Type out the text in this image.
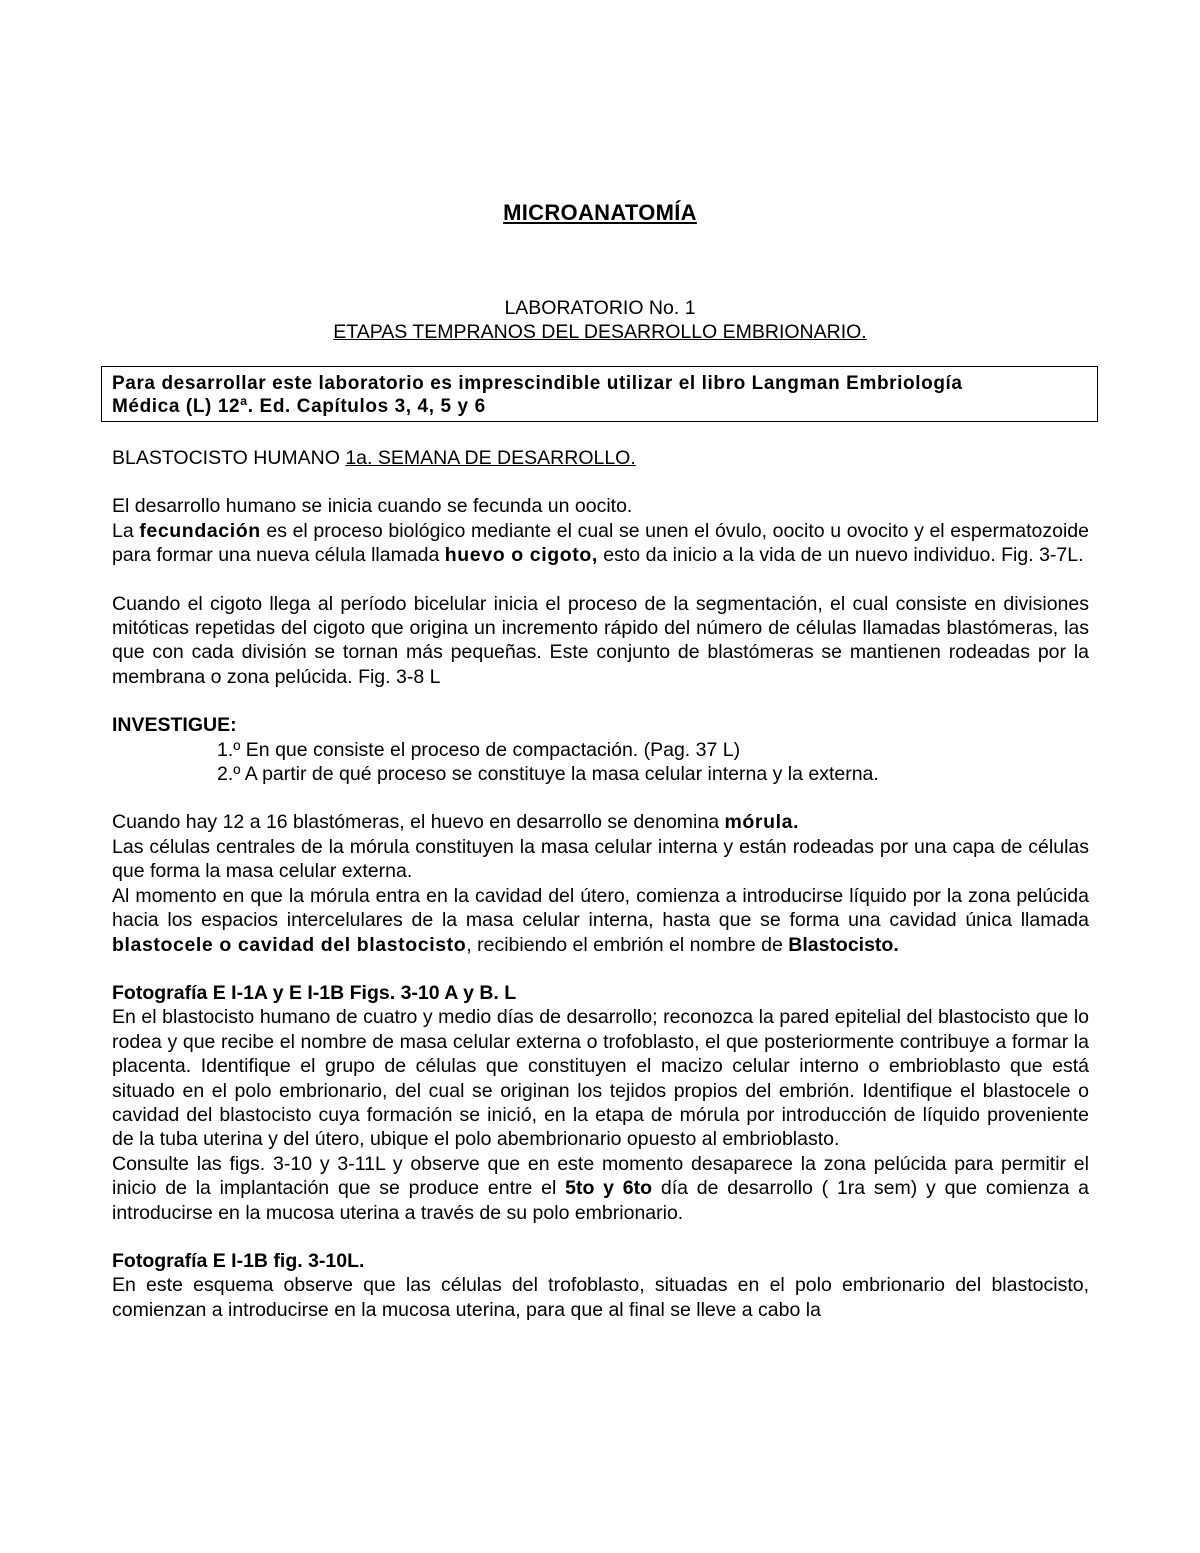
MICROANATOMÍA
LABORATORIO No. 1
ETAPAS TEMPRANOS DEL DESARROLLO EMBRIONARIO.
Para desarrollar este laboratorio es imprescindible utilizar el libro Langman Embriología
Médica (L) 12ª. Ed. Capítulos 3, 4, 5 y 6

BLASTOCISTO HUMANO 1a. SEMANA DE DESARROLLO.

El desarrollo humano se inicia cuando se fecunda un oocito.

La fecundación es el proceso biológico mediante el cual se unen el óvulo, oocito u ovocito y el espermatozoide para formar una nueva célula llamada huevo o cigoto, esto da inicio a la vida de un nuevo individuo. Fig. 3-7L.

Cuando el cigoto llega al período bicelular inicia el proceso de la segmentación, el cual consiste en divisiones mitóticas repetidas del cigoto que origina un incremento rápido del número de células llamadas blastómeras, las que con cada división se tornan más pequeñas. Este conjunto de blastómeras se mantienen rodeadas por la membrana o zona pelúcida. Fig. 3-8 L

INVESTIGUE:

1.º En que consiste el proceso de compactación. (Pag. 37 L)

2.º A partir de qué proceso se constituye la masa celular interna y la externa.

Cuando hay 12 a 16 blastómeras, el huevo en desarrollo se denomina mórula.

Las células centrales de la mórula constituyen la masa celular interna y están rodeadas por una capa de células que forma la masa celular externa.

Al momento en que la mórula entra en la cavidad del útero, comienza a introducirse líquido por la zona pelúcida hacia los espacios intercelulares de la masa celular interna, hasta que se forma una cavidad única llamada blastocele o cavidad del blastocisto, recibiendo el embrión el nombre de Blastocisto.

Fotografía E I-1A y E I-1B Figs. 3-10 A y B. L

En el blastocisto humano de cuatro y medio días de desarrollo; reconozca la pared epitelial del blastocisto que lo rodea y que recibe el nombre de masa celular externa o trofoblasto, el que posteriormente contribuye a formar la placenta. Identifique el grupo de células que constituyen el macizo celular interno o embrioblasto que está situado en el polo embrionario, del cual se originan los tejidos propios del embrión. Identifique el blastocele o cavidad del blastocisto cuya formación se inició, en la etapa de mórula por introducción de líquido proveniente de la tuba uterina y del útero, ubique el polo abembrionario opuesto al embrioblasto.

Consulte las figs. 3-10 y 3-11L y observe que en este momento desaparece la zona pelúcida para permitir el inicio de la implantación que se produce entre el 5to y 6to día de desarrollo ( 1ra sem) y que comienza a introducirse en la mucosa uterina a través de su polo embrionario.

Fotografía E I-1B fig. 3-10L.

En este esquema observe que las células del trofoblasto, situadas en el polo embrionario del blastocisto, comienzan a introducirse en la mucosa uterina, para que al final se lleve a cabo la
